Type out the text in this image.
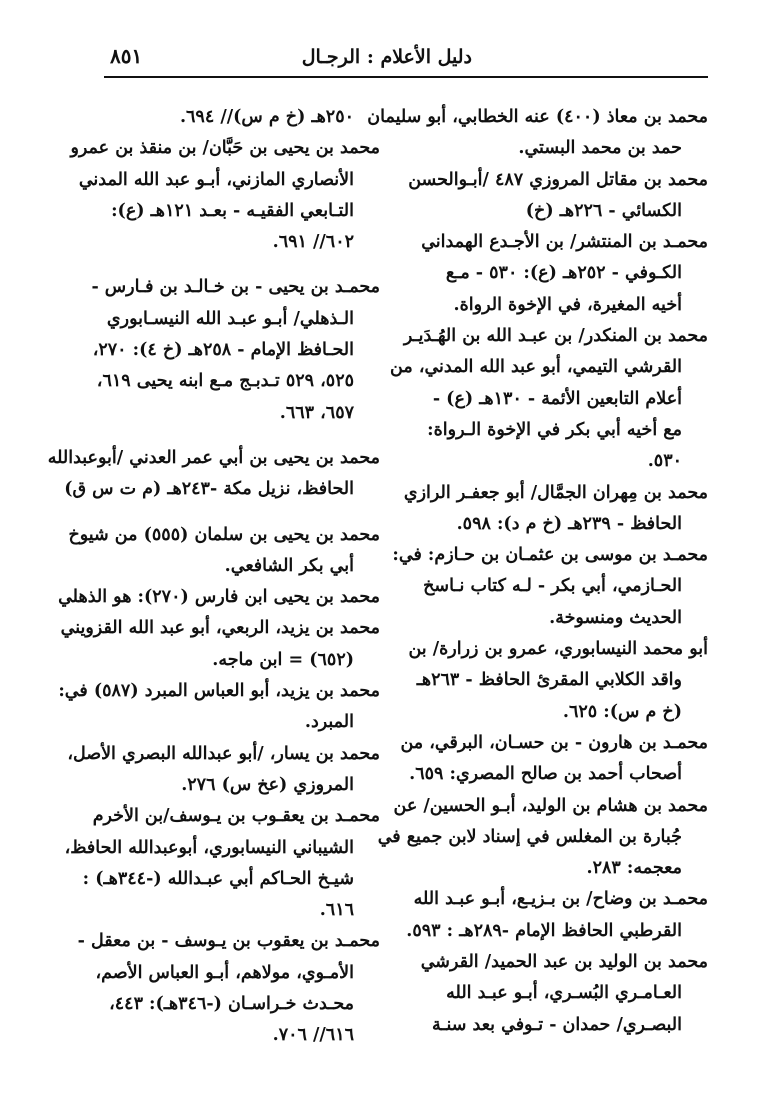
٨٥١	دليل الأعلام : الرجـال
محمد بن معاذ (٤٠٠) عنه الخطابي، أبو سليمان
حمد بن محمد البستي.
محمد بن مقاتل المروزي ٤٨٧ /أبـوالحسن
الكسائي - ٢٢٦هـ (خ)
محمـد بن المنتشر/ بن الأجـدع الهمداني
الكـوفي - ٢٥٢هـ (ع): ٥٣٠ - مـع
أخيه المغيرة، في الإخوة الرواة.
محمد بن المنكدر/ بن عبـد الله بن الهُـدَيـر
القرشي التيمي، أبو عبد الله المدني، من
أعلام التابعين الأئمة - ١٣٠هـ (ع) -
مع أخيه أبي بكر في الإخوة الـرواة:
٥٣٠.
محمد بن مِهران الجمَّال/ أبو جعفـر الرازي
الحافظ - ٢٣٩هـ (خ م د): ٥٩٨.
محمـد بن موسى بن عثمـان بن حـازم: في:
الحـازمي، أبي بكر - لـه كتاب نـاسخ
الحديث ومنسوخة.
أبو محمد النيسابوري، عمرو بن زرارة/ بن
واقد الكلابي المقرئ الحافظ - ٢٦٣هـ
(خ م س): ٦٢٥.
محمـد بن هارون - بن حسـان، البرقي، من
أصحاب أحمد بن صالح المصري: ٦٥٩.
محمد بن هشام بن الوليد، أبـو الحسين/ عن
جُبارة بن المغلس في إسناد لابن جميع في
معجمه: ٢٨٣.
محمـد بن وضاح/ بن بـزيـع، أبـو عبـد الله
القرطبي الحافظ الإمام -٢٨٩هـ : ٥٩٣.
محمد بن الوليد بن عبد الحميد/ القرشي
العـامـري البُسـري، أبـو عبـد الله
البصـري/ حمدان - تـوفي بعد سنـة
٢٥٠هـ (خ م س)// ٦٩٤.
محمد بن يحيى بن حَبَّان/ بن منقذ بن عمرو
الأنصاري المازني، أبـو عبد الله المدني
التـابعي الفقيـه - بعـد ١٢١هـ (ع):
٦٠٢// ٦٩١.
محمـد بن يحيى - بن خـالـد بن فـارس -
الـذهلي/ أبـو عبـد الله النيسـابوري
الحـافظ الإمام - ٢٥٨هـ (خ ٤): ٢٧٠،
٥٢٥، ٥٢٩ تـدبـج مـع ابنه يحيى ٦١٩،
٦٥٧، ٦٦٣.
محمد بن يحيى بن أبي عمر العدني /أبوعبدالله
الحافظ، نزيل مكة -٢٤٣هـ (م ت س ق)
محمد بن يحيى بن سلمان (٥٥٥) من شيوخ
أبي بكر الشافعي.
محمد بن يحيى ابن فارس (٢٧٠): هو الذهلي
محمد بن يزيد، الربعي، أبو عبد الله القزويني
(٦٥٢) = ابن ماجه.
محمد بن يزيد، أبو العباس المبرد (٥٨٧) في:
المبرد.
محمد بن يسار، /أبو عبدالله البصري الأصل،
المروزي (عخ س) ٢٧٦.
محمـد بن يعقـوب بن يـوسف/بن الأخرم
الشيباني النيسابوري، أبوعبدالله الحافظ،
شيـخ الحـاكم أبي عبـدالله (-٣٤٤هـ) :
٦١٦.
محمـد بن يعقوب بن يـوسف - بن معقل -
الأمـوي، مولاهم، أبـو العباس الأصم،
محـدث خـراسـان (-٣٤٦هـ): ٤٤٣،
٦١٦// ٧٠٦.
